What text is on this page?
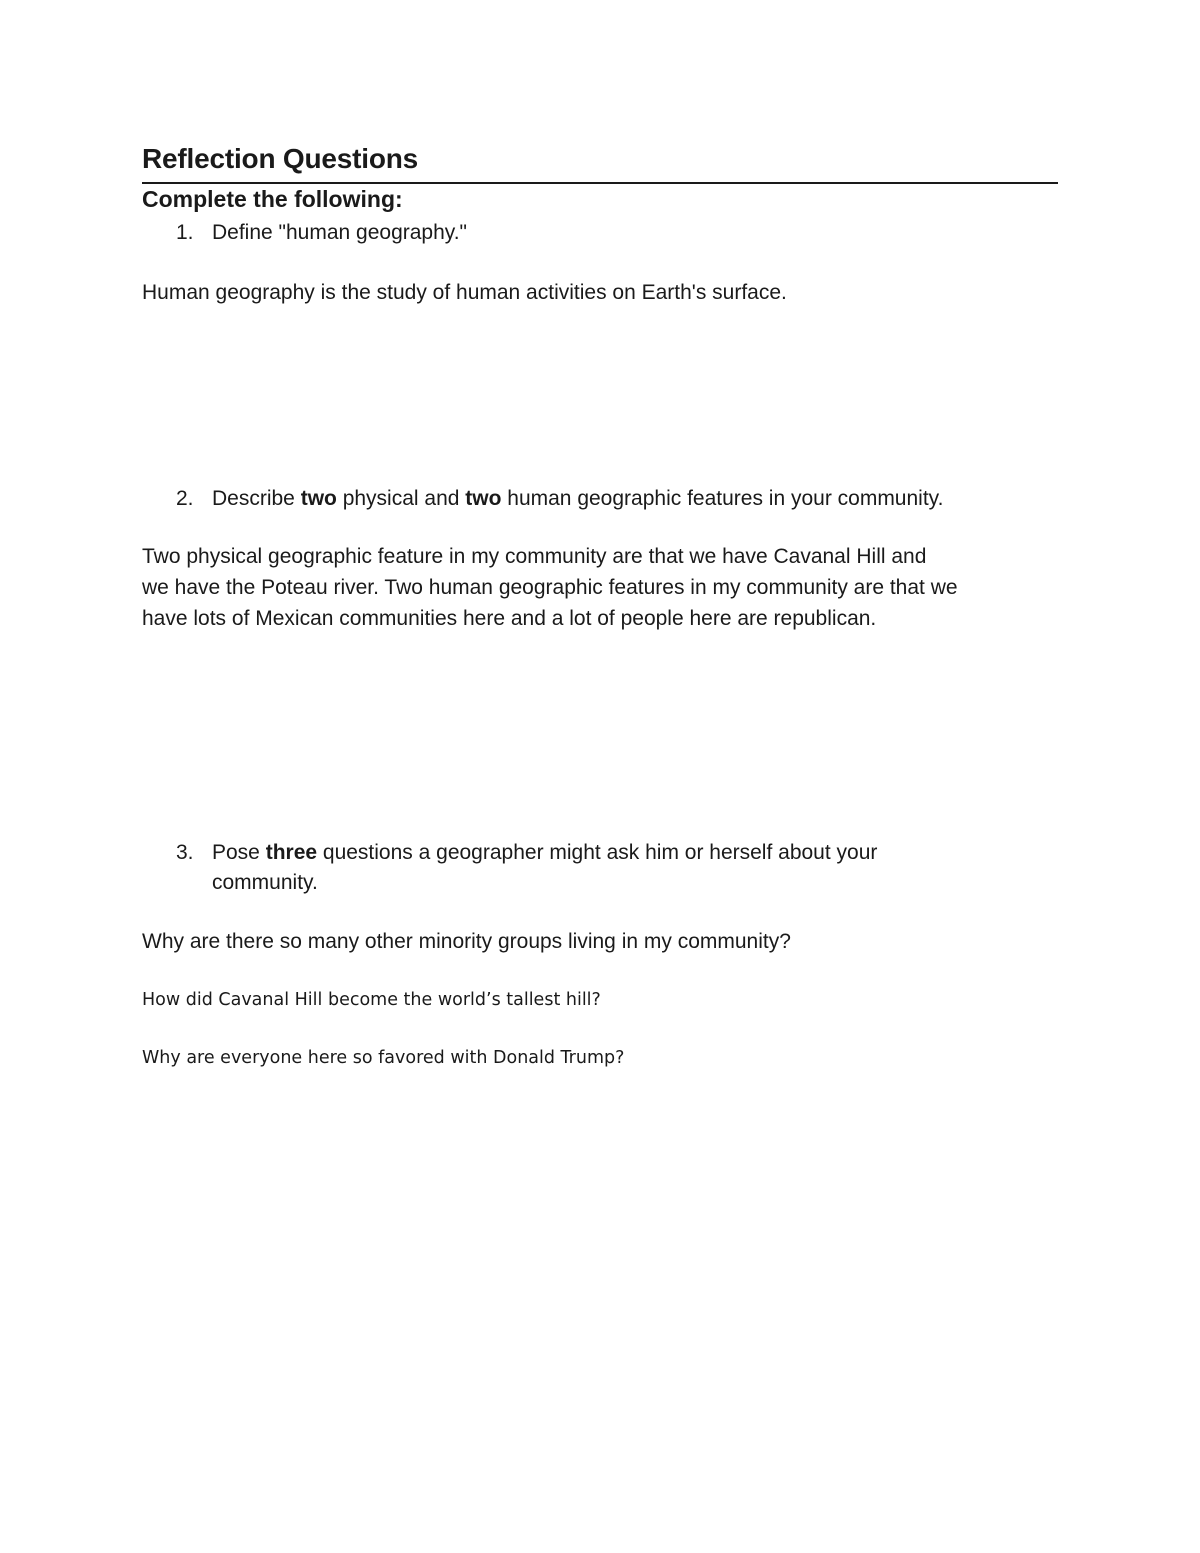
Reflection Questions
Complete the following:
1. Define "human geography."
Human geography is the study of human activities on Earth's surface.
2. Describe two physical and two human geographic features in your community.
Two physical geographic feature in my community are that we have Cavanal Hill and
we have the Poteau river. Two human geographic features in my community are that we
have lots of Mexican communities here and a lot of people here are republican.
3. Pose three questions a geographer might ask him or herself about your
community.
Why are there so many other minority groups living in my community?
How did Cavanal Hill become the world’s tallest hill?
Why are everyone here so favored with Donald Trump?
